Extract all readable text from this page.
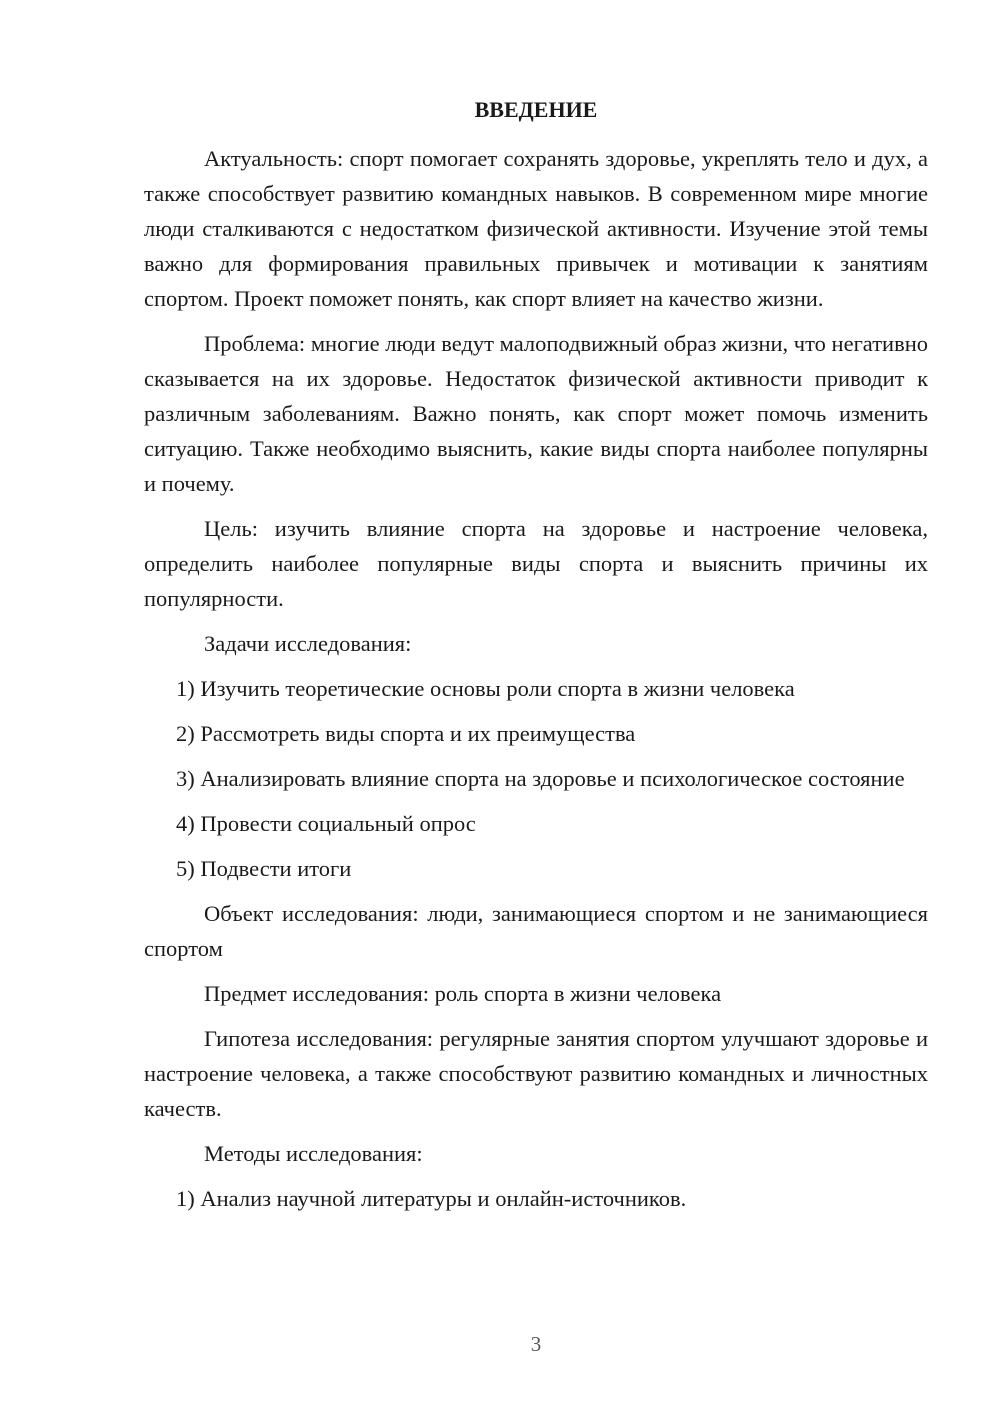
ВВЕДЕНИЕ

Актуальность: спорт помогает сохранять здоровье, укреплять тело и дух, а также способствует развитию командных навыков. В современном мире многие люди сталкиваются с недостатком физической активности. Изучение этой темы важно для формирования правильных привычек и мотивации к занятиям спортом. Проект поможет понять, как спорт влияет на качество жизни.

Проблема: многие люди ведут малоподвижный образ жизни, что негативно сказывается на их здоровье. Недостаток физической активности приводит к различным заболеваниям. Важно понять, как спорт может помочь изменить ситуацию. Также необходимо выяснить, какие виды спорта наиболее популярны и почему.

Цель: изучить влияние спорта на здоровье и настроение человека, определить наиболее популярные виды спорта и выяснить причины их популярности.

Задачи исследования:

1) Изучить теоретические основы роли спорта в жизни человека

2) Рассмотреть виды спорта и их преимущества

3) Анализировать влияние спорта на здоровье и психологическое состояние

4) Провести социальный опрос

5) Подвести итоги

Объект исследования: люди, занимающиеся спортом и не занимающиеся спортом

Предмет исследования: роль спорта в жизни человека

Гипотеза исследования: регулярные занятия спортом улучшают здоровье и настроение человека, а также способствуют развитию командных и личностных качеств.

Методы исследования:

1) Анализ научной литературы и онлайн-источников.

3
